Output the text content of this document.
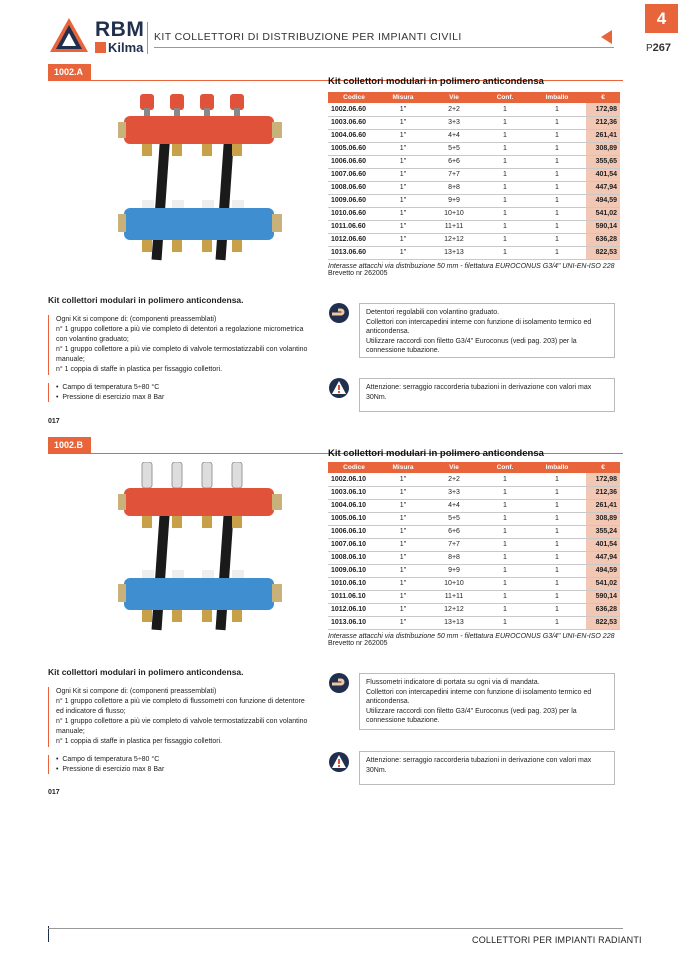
RBM
Kilma
KIT COLLETTORI DI DISTRIBUZIONE PER IMPIANTI CIVILI
4
P267
1002.A
Kit collettori modulari in polimero anticondensa
Codice	Misura	Vie	Conf.	Imballo	€
1002.06.60	1"	2+2	1	1	172,98
1003.06.60	1"	3+3	1	1	212,36
1004.06.60	1"	4+4	1	1	261,41
1005.06.60	1"	5+5	1	1	308,89
1006.06.60	1"	6+6	1	1	355,65
1007.06.60	1"	7+7	1	1	401,54
1008.06.60	1"	8+8	1	1	447,94
1009.06.60	1"	9+9	1	1	494,59
1010.06.60	1"	10+10	1	1	541,02
1011.06.60	1"	11+11	1	1	590,14
1012.06.60	1"	12+12	1	1	636,28
1013.06.60	1"	13+13	1	1	822,53
Interasse attacchi via distribuzione 50 mm - filettatura EUROCONUS G3/4" UNI-EN-ISO 228
Brevetto nr 262005
Kit collettori modulari in polimero anticondensa.
Ogni Kit si compone di: (componenti preassemblati)
n° 1 gruppo collettore a più vie completo di detentori a regolazione micrometrica con volantino graduato;
n° 1 gruppo collettore a più vie completo di valvole termostatizzabili con volantino manuale;
n° 1 coppia di staffe in plastica per fissaggio collettori.
•  Campo di temperatura 5÷80 °C
•  Pressione di esercizio max 8 Bar
017
Detentori regolabili con volantino graduato.
Collettori con intercapedini interne con funzione di isolamento termico ed anticondensa.
Utilizzare raccordi con filetto G3/4" Euroconus (vedi pag. 203) per la connessione tubazione.
Attenzione: serraggio raccorderia tubazioni in derivazione con valori max 30Nm.
1002.B
Kit collettori modulari in polimero anticondensa
Codice	Misura	Vie	Conf.	Imballo	€
1002.06.10	1"	2+2	1	1	172,98
1003.06.10	1"	3+3	1	1	212,36
1004.06.10	1"	4+4	1	1	261,41
1005.06.10	1"	5+5	1	1	308,89
1006.06.10	1"	6+6	1	1	355,24
1007.06.10	1"	7+7	1	1	401,54
1008.06.10	1"	8+8	1	1	447,94
1009.06.10	1"	9+9	1	1	494,59
1010.06.10	1"	10+10	1	1	541,02
1011.06.10	1"	11+11	1	1	590,14
1012.06.10	1"	12+12	1	1	636,28
1013.06.10	1"	13+13	1	1	822,53
Interasse attacchi via distribuzione 50 mm - filettatura EUROCONUS G3/4" UNI-EN-ISO 228
Brevetto nr 262005
Kit collettori modulari in polimero anticondensa.
Ogni Kit si compone di: (componenti preassemblati)
n° 1 gruppo collettore a più vie completo di flussometri con funzione di detentore ed indicatore di flusso;
n° 1 gruppo collettore a più vie completo di valvole termostatizzabili con volantino manuale;
n° 1 coppia di staffe in plastica per fissaggio collettori.
•  Campo di temperatura 5÷80 °C
•  Pressione di esercizio max 8 Bar
017
Flussometri indicatore di portata su ogni via di mandata.
Collettori con intercapedini interne con funzione di isolamento termico ed anticondensa.
Utilizzare raccordi con filetto G3/4" Euroconus (vedi pag. 203) per la connessione tubazione.
Attenzione: serraggio raccorderia tubazioni in derivazione con valori max 30Nm.
COLLETTORI PER IMPIANTI RADIANTI
